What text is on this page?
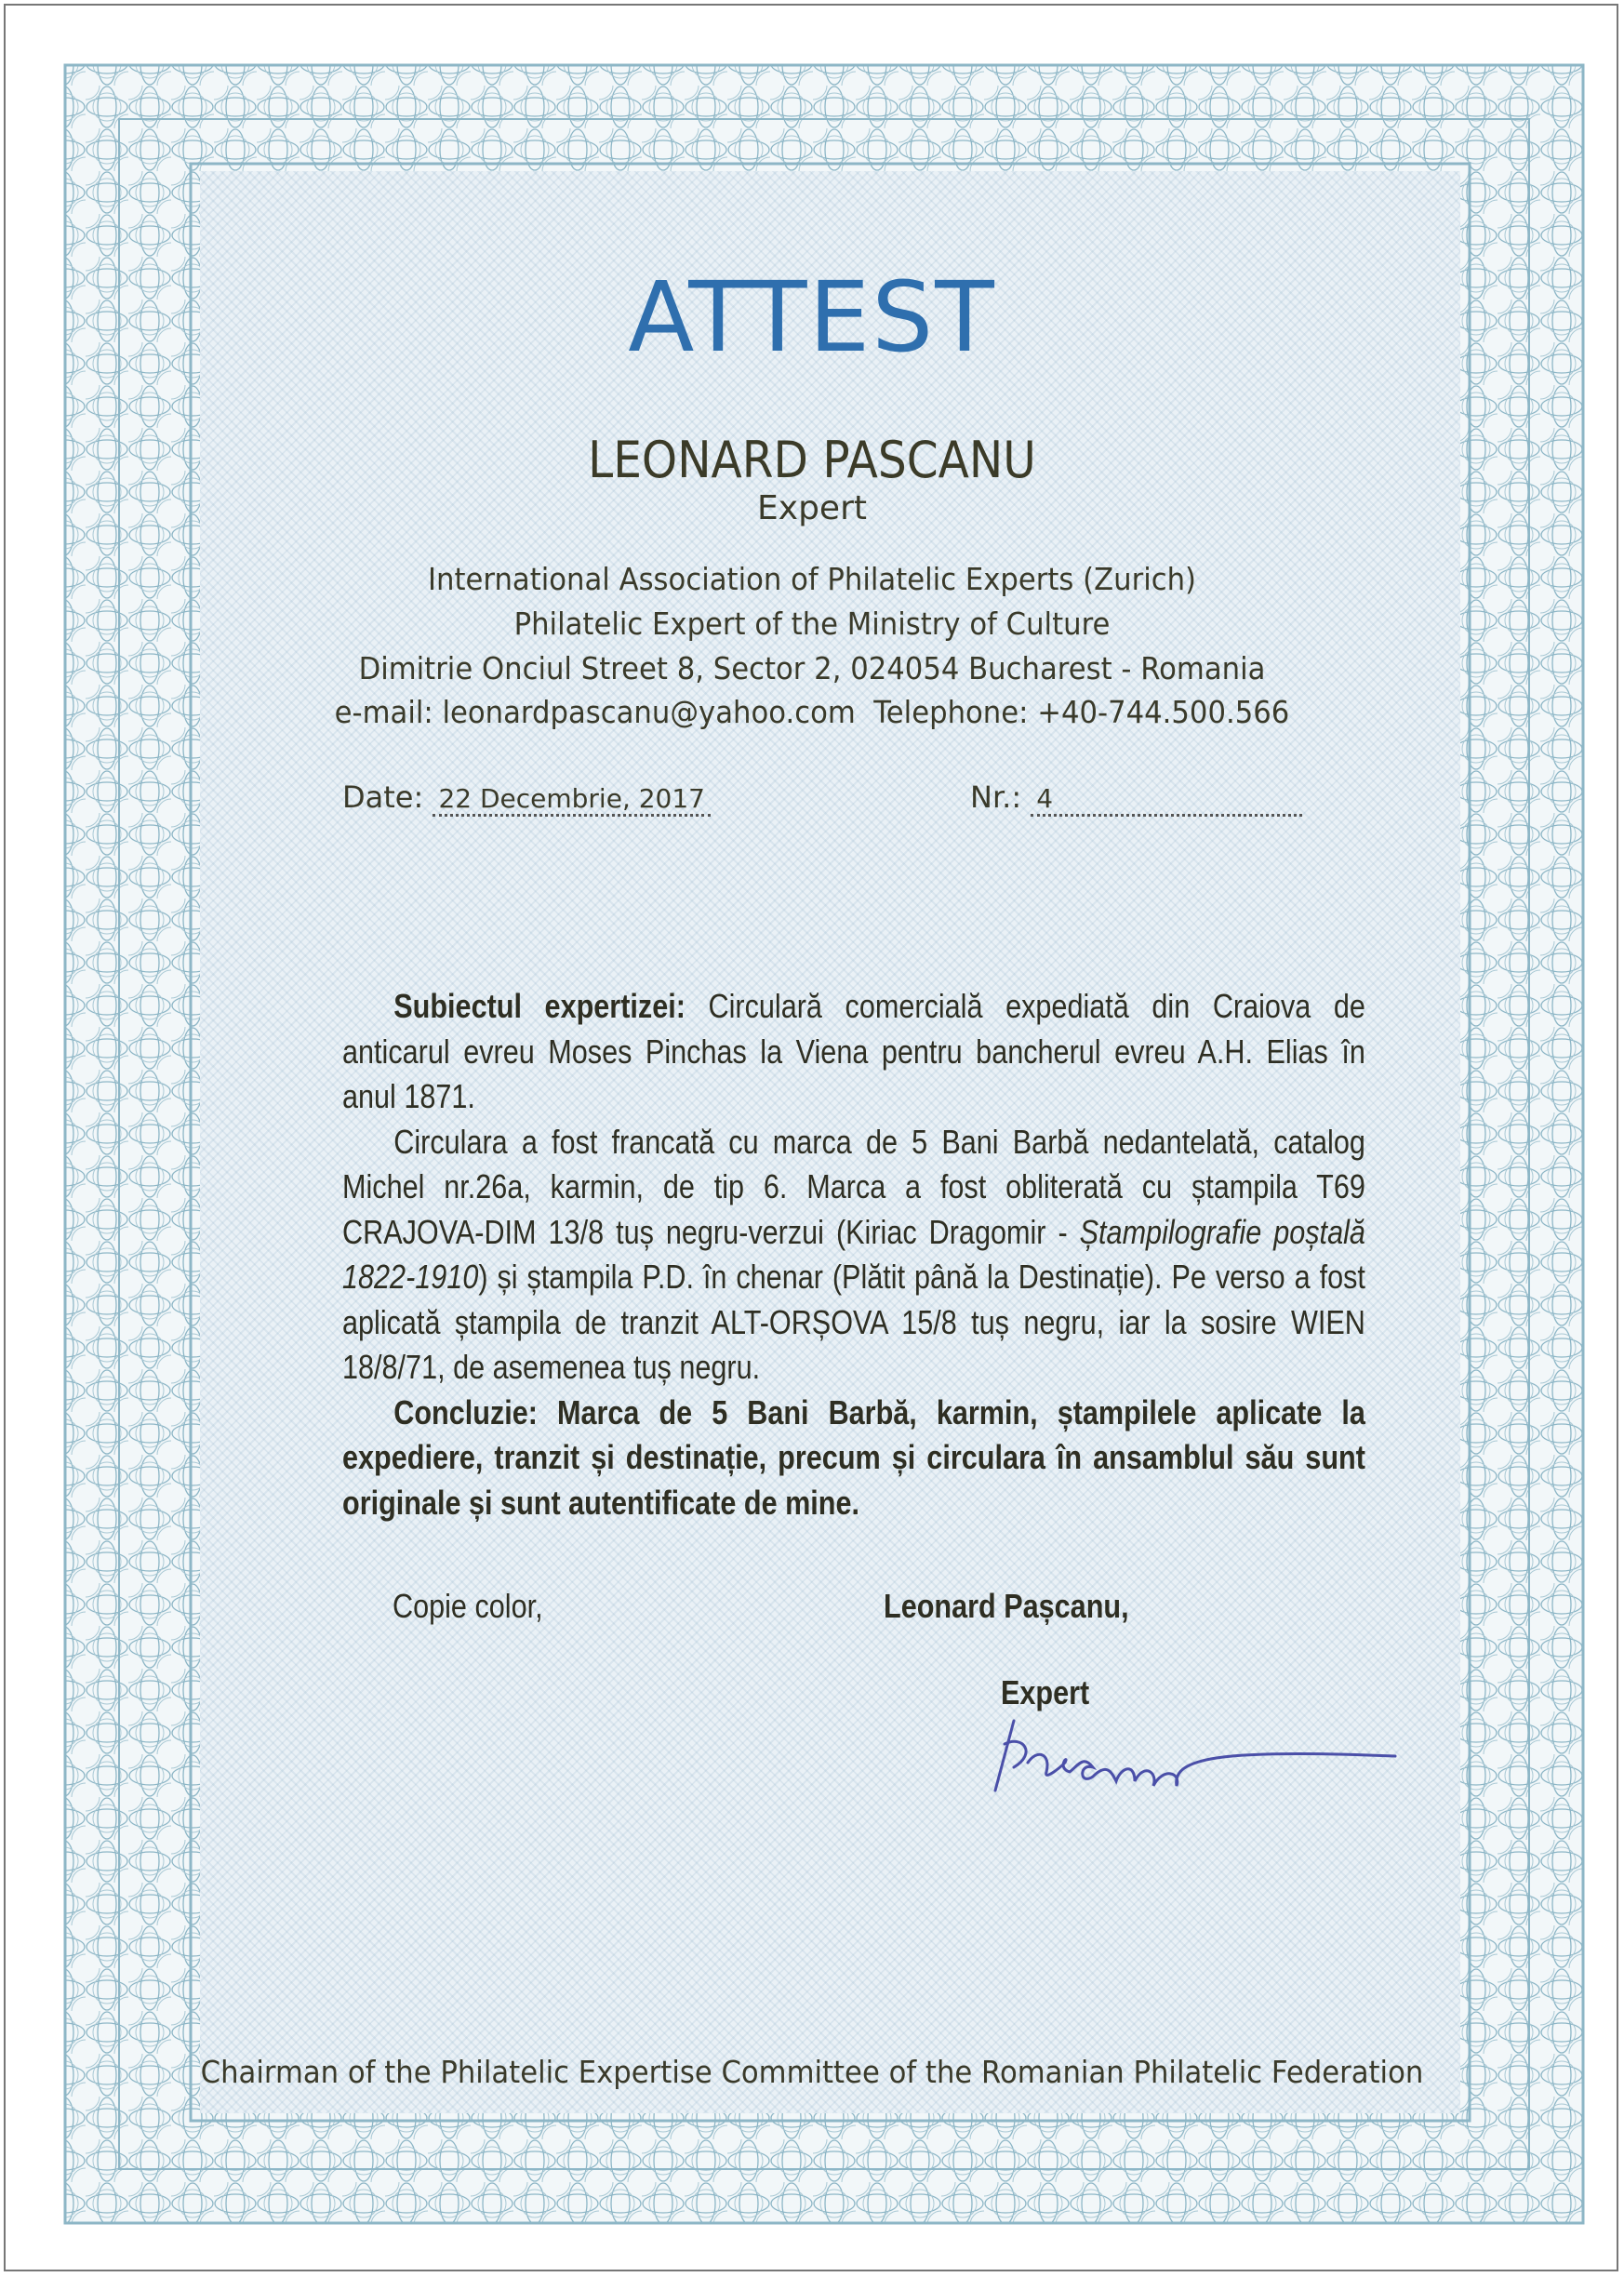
ATTEST
LEONARD PASCANU
Expert
International Association of Philatelic Experts (Zurich)
Philatelic Expert of the Ministry of Culture
Dimitrie Onciul Street 8, Sector 2, 024054 Bucharest - Romania
e-mail: leonardpascanu@yahoo.com  Telephone: +40-744.500.566
Date: 22 Decembrie, 2017	Nr.: 4

Subiectul expertizei: Circulară comercială expediată din Craiova de anticarul evreu Moses Pinchas la Viena pentru bancherul evreu A.H. Elias în anul 1871.

Circulara a fost francată cu marca de 5 Bani Barbă nedantelată, catalog Michel nr.26a, karmin, de tip 6. Marca a fost obliterată cu ștampila T69 CRAJOVA-DIM 13/8 tuș negru-verzui (Kiriac Dragomir - Ștampilografie poștală 1822-1910) și ștampila P.D. în chenar (Plătit până la Destinație). Pe verso a fost aplicată ștampila de tranzit ALT-ORȘOVA 15/8 tuș negru, iar la sosire WIEN 18/8/71, de asemenea tuș negru.

Concluzie: Marca de 5 Bani Barbă, karmin, ștampilele aplicate la expediere, tranzit și destinație, precum și circulara în ansamblul său sunt originale și sunt autentificate de mine.

Copie color,	Leonard Pașcanu,
Expert
Chairman of the Philatelic Expertise Committee of the Romanian Philatelic Federation
